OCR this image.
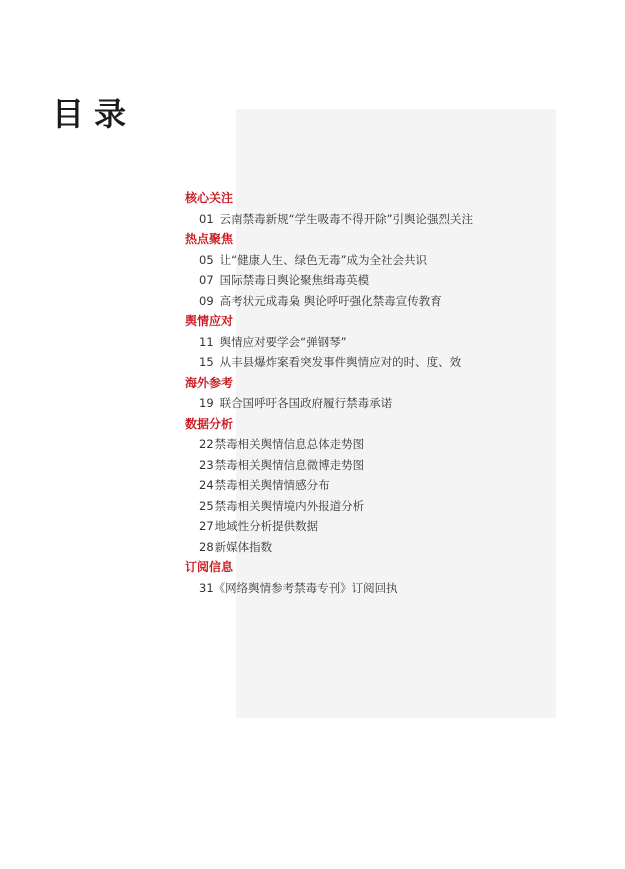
目录
核心关注
01 云南禁毒新规“学生吸毒不得开除”引舆论强烈关注
热点聚焦
05 让“健康人生、绿色无毒”成为全社会共识
07 国际禁毒日舆论聚焦缉毒英模
09 高考状元成毒枭 舆论呼吁强化禁毒宣传教育
舆情应对
11 舆情应对要学会“弹钢琴”
15 从丰县爆炸案看突发事件舆情应对的时、度、效
海外参考
19 联合国呼吁各国政府履行禁毒承诺
数据分析
22禁毒相关舆情信息总体走势图
23禁毒相关舆情信息微博走势图
24禁毒相关舆情情感分布
25禁毒相关舆情境内外报道分析
27地域性分析提供数据
28新媒体指数
订阅信息
31《网络舆情参考禁毒专刊》订阅回执
